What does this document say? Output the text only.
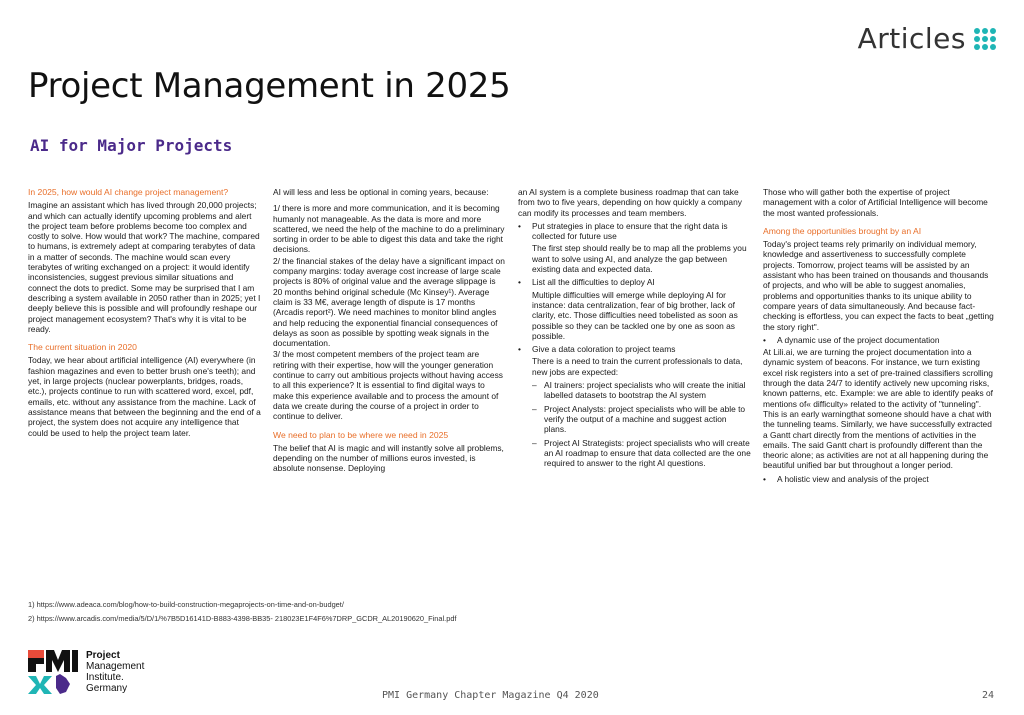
Articles
Project Management in 2025
AI for Major Projects
In 2025, how would AI change project management?

Imagine an assistant which has lived through 20,000 projects; and which can actually identify upcoming problems and alert the project team before problems become too complex and costly to solve. How would that work? The machine, compared to humans, is extremely adept at comparing terabytes of data in a matter of seconds. The machine would scan every terabytes of writing exchanged on a project: it would identify inconsistencies, suggest previous similar situations and connect the dots to predict. Some may be surprised that I am describing a system available in 2050 rather than in 2025; yet I deeply believe this is possible and will profoundly reshape our project management ecosystem? That's why it is vital to be ready.

The current situation in 2020

Today, we hear about artificial intelligence (AI) everywhere (in fashion magazines and even to better brush one's teeth); and yet, in large projects (nuclear powerplants, bridges, roads, etc.), projects continue to run with scattered word, excel, pdf, emails, etc. without any assistance from the machine. Lack of assistance means that between the beginning and the end of a project, the system does not acquire any intelligence that could be used to help the project team later.

AI will less and less be optional in coming years, because:

1/ there is more and more communication, and it is becoming humanly not manageable. As the data is more and more scattered, we need the help of the machine to do a preliminary sorting in order to be able to digest this data and take the right decisions.

2/ the financial stakes of the delay have a significant impact on company margins: today average cost increase of large scale projects is 80% of original value and the average slippage is 20 months behind original schedule (Mc Kinsey¹). Average claim is 33 M€, average length of dispute is 17 months (Arcadis report²). We need machines to monitor blind angles and help reducing the exponential financial consequences of delays as soon as possible by spotting weak signals in the documentation.

3/ the most competent members of the project team are retiring with their expertise, how will the younger generation continue to carry out ambitious projects without having access to all this experience? It is essential to find digital ways to make this experience available and to process the amount of data we create during the course of a project in order to continue to deliver.

We need to plan to be where we need in 2025

The belief that AI is magic and will instantly solve all problems, depending on the number of millions euros invested, is absolute nonsense. Deploying

an AI system is a complete business roadmap that can take from two to five years, depending on how quickly a company can modify its processes and team members.

•	Put strategies in place to ensure that the right data is collected for future use

The first step should really be to map all the problems you want to solve using AI, and analyze the gap between existing data and expected data.

•	List all the difficulties to deploy AI

Multiple difficulties will emerge while deploying AI for instance: data centralization, fear of big brother, lack of clarity, etc. Those difficulties need tobelisted as soon as possible so they can be tackled one by one as soon as possible.

•	Give a data coloration to project teams

There is a need to train the current professionals to data, new jobs are expected:

– AI trainers: project specialists who will create the initial labelled datasets to bootstrap the AI system
– Project Analysts: project specialists who will be able to verify the output of a machine and suggest action plans.
– Project AI Strategists: project specialists who will create an AI roadmap to ensure that data collected are the one required to answer to the right AI questions.

Those who will gather both the expertise of project management with a color of Artificial Intelligence will become the most wanted professionals.

Among the opportunities brought by an AI

Today's project teams rely primarily on individual memory, knowledge and assertiveness to successfully complete projects. Tomorrow, project teams will be assisted by an assistant who has been trained on thousands and thousands of projects, and who will be able to suggest anomalies, problems and opportunities thanks to its unique ability to compare years of data simultaneously. And because fact-checking is effortless, you can expect the facts to beat „getting the story right".

•	A dynamic use of the project documentation

At Lili.ai, we are turning the project documentation into a dynamic system of beacons. For instance, we turn existing excel risk registers into a set of pre-trained classifiers scrolling through the data 24/7 to identify actively new upcoming risks, known patterns, etc. Example: we are able to identify peaks of mentions of« difficulty» related to the activity of "tunneling". This is an early warningthat someone should have a chat with the tunneling teams. Similarly, we have successfully extracted a Gantt chart directly from the mentions of activities in the emails. The said Gantt chart is profoundly different than the theoric alone; as activities are not at all happening during the beautiful unified bar but throughout a longer period.

•	A holistic view and analysis of the project
1) https://www.adeaca.com/blog/how-to-build-construction-megaprojects-on-time-and-on-budget/
2) https://www.arcadis.com/media/5/D/1/%7B5D16141D-B883-4398-BB35- 218023E1F4F6%7DRP_GCDR_AL20190620_Final.pdf
Project
Management
Institute.
Germany
PMI Germany Chapter Magazine Q4 2020	24
